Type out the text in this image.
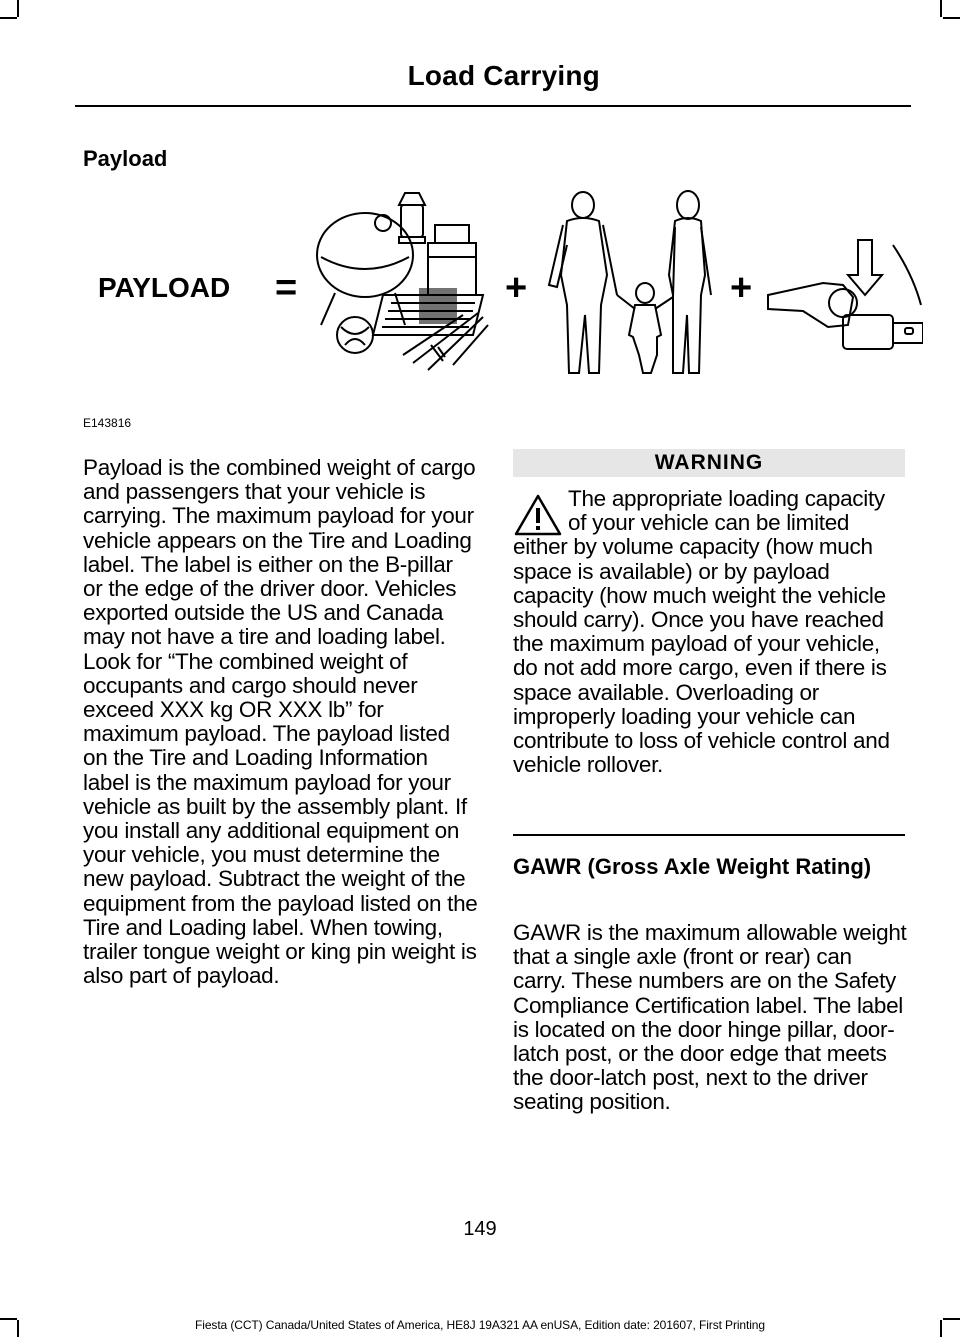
Load Carrying
Payload
PAYLOAD =	+	+
E143816

Payload is the combined weight of cargo and passengers that your vehicle is carrying. The maximum payload for your vehicle appears on the Tire and Loading label. The label is either on the B-pillar or the edge of the driver door. Vehicles exported outside the US and Canada may not have a tire and loading label. Look for “The combined weight of occupants and cargo should never exceed XXX kg OR XXX lb” for maximum payload. The payload listed on the Tire and Loading Information label is the maximum payload for your vehicle as built by the assembly plant. If you install any additional equipment on your vehicle, you must determine the new payload. Subtract the weight of the equipment from the payload listed on the Tire and Loading label. When towing, trailer tongue weight or king pin weight is also part of payload.

WARNING

The appropriate loading capacity of your vehicle can be limited either by volume capacity (how much space is available) or by payload capacity (how much weight the vehicle should carry). Once you have reached the maximum payload of your vehicle, do not add more cargo, even if there is space available. Overloading or improperly loading your vehicle can contribute to loss of vehicle control and vehicle rollover.

GAWR (Gross Axle Weight Rating)

GAWR is the maximum allowable weight that a single axle (front or rear) can carry. These numbers are on the Safety Compliance Certification label. The label is located on the door hinge pillar, door-latch post, or the door edge that meets the door-latch post, next to the driver seating position.

149
Fiesta (CCT) Canada/United States of America, HE8J 19A321 AA enUSA, Edition date: 201607, First Printing
